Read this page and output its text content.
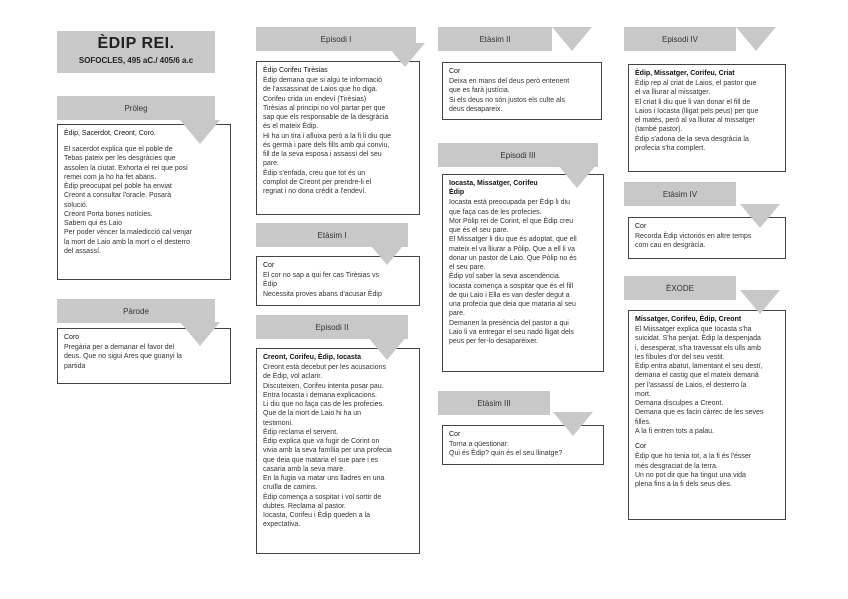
ÈDIP REI.
SOFOCLES, 495 aC./ 405/6 a.c
Pròleg
Èdip, Sacerdot, Creont, Coro.
El sacerdot explica que el poble de
Tebas pateix per les desgràcies que
assolen la ciutat. Exhorta el rei que posi
remei com ja ho ha fet abans.
Èdip preocupat pel poble ha enviat
Creont a consultar l'oracle. Posarà
solució.
Creont Porta bones notícies.
Sabem qui és Laio
Per poder vèncer la maledicció cal venjar
la mort de Laio amb la mort o el desterro
del assassí.
Pàrode
Coro
Pregària per a demanar el favor del
deus. Que no sigui Ares que guanyi la
partida
Episodi I
Èdip Corifeu Tirèsias
Èdip demana que si algú te informació
de l'assassinat de Laios que ho diga.
Corifeu crida un endeví (Tirèsias)
Tirèsias al principi no vol partar per que
sap que els responsable de la desgràcia
és el mateix Èdip.
Hi ha un tira i afluixa però a la fi li diu que
és germà i pare dels fills amb qui conviu,
fill de la seva esposa i assassí del seu
pare.
Èdip s'enfada, creu que tot és un
complot de Creont per prendre-li el
regnat i no dona crèdit a l'endeví.
Etàsim I
Cor
El cor no sap a qui fer cas Tirèsias vs
Èdip
Necessita proves abans d'acusar Èdip
Episodi II
Creont, Corifeu, Èdip, Iocasta
Creont està decebut per les acusacions
de Èdip, vol aclarir.
Discuteixen, Corifeu intenta posar pau.
Entra Iocasta i demana explicacions.
Li diu que no faça cas de les profecies.
Que de la mort de Laio hi ha un
testimoni.
Èdip reclama el servent.
Èdip explica que va fugir de Corint on
vivia amb la seva família per una profecia
que deia que mataria el sue pare i es
casaria amb la seva mare.
En la fugia va matar uns lladres en una
cruïlla de camins.
Èdip comença a sospitar i vol sortir de
dubtes. Reclama al pastor.
Iocasta, Corifeu i Èdip queden a la
expectativa.
Etàsim II
Cor
Deixa en mans del deus però entenent
que es farà justícia.
Si els deus no són justos els culte als
deus desapareix.
Episodi III
Iocasta, Missatger, Corifeu
Èdip
Iocasta està preocupada per Èdip li diu
que faça cas de les profecies.
Mor Pòlip rei de Corint, el que Èdip creu
que és el seu pare.
El Missatger li diu que és adoptat, que ell
mateix el va lliurar a Pòlip. Que a ell li va
donar un pastor de Laio. Que Pòlip no és
el seu pare.
Èdip vol saber la seva ascendència.
Iocasta comença a sospitar que és el fill
de qui Laio i Ella es van desfer degut a
una profecia que deia que mataria al seu
pare.
Demanen la presència del pastor a qui
Laio li va entregar el seu nadó lligat dels
peus per fer-lo desaparèixer.
Etàsim III
Cor
Torna a qüestionar:
Qui és Èdip? quin és el seu llinatge?
Episodi IV
Èdip, Missatger, Corifeu, Criat
Èdip rep al criat de Laios, el pastor que
el va lliurar al missatger.
El criat li diu que li van donar el fill de
Laios i Iocasta (lligat pels peus) per que
el matés, però al va lliurar al missatger
(també pastor).
Èdip s'adona de la seva desgràcia la
profecia s'ha complert.
Etàsim IV
Cor
Recorda Èdip victoriós en altre temps
com cau en desgràcia.
ÈXODE
Missatger, Corifeu, Èdip, Creont
El Miissatger explica que Iocasta s'ha
suicidat. S'ha penjat. Èdip la despenjada
i, desesperat, s'ha travessat els ulls amb
les fíbules d'or del seu vestit.
Èdip entra abatut, lamentant el seu destí,
demana el castig que el mateix demanà
per l'assassí de Laios, el desterro la
mort.
Demana disculpes a Creont.
Demana que es facin càrrec de les seves
filles.
A la fi entren tots a palau.
Cor
Èdip que ho tenia tot, a la fi és l'ésser
més desgraciat de la terra.
Un no pot dir que ha tingut una vida
plena fins a la fi dels seus dies.
